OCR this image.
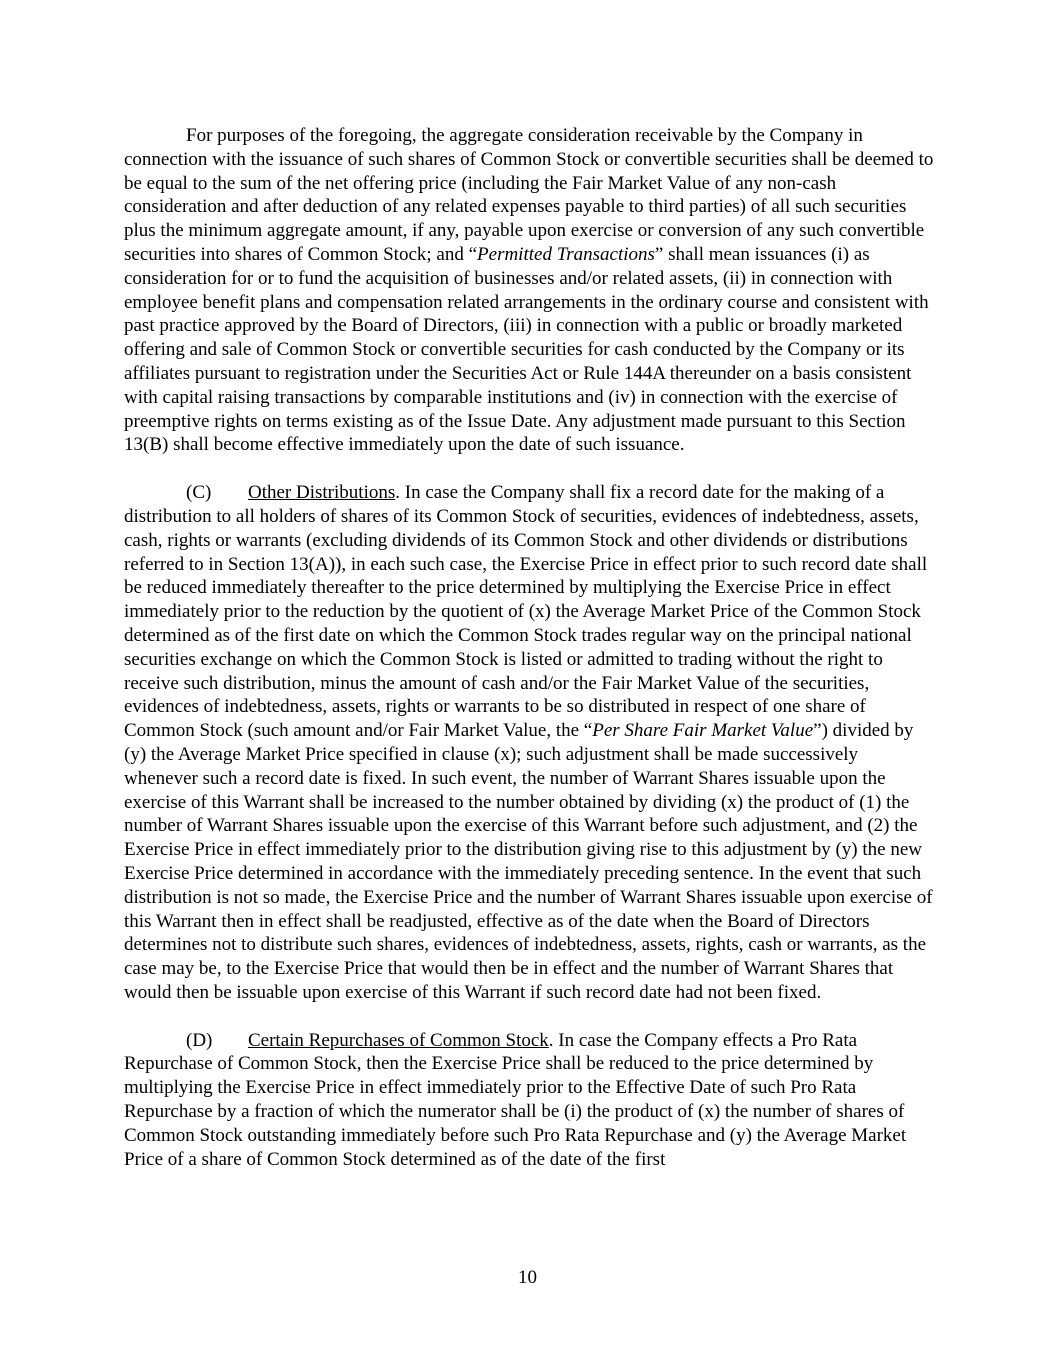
For purposes of the foregoing, the aggregate consideration receivable by the Company in connection with the issuance of such shares of Common Stock or convertible securities shall be deemed to be equal to the sum of the net offering price (including the Fair Market Value of any non-cash consideration and after deduction of any related expenses payable to third parties) of all such securities plus the minimum aggregate amount, if any, payable upon exercise or conversion of any such convertible securities into shares of Common Stock; and “Permitted Transactions” shall mean issuances (i) as consideration for or to fund the acquisition of businesses and/or related assets, (ii) in connection with employee benefit plans and compensation related arrangements in the ordinary course and consistent with past practice approved by the Board of Directors, (iii) in connection with a public or broadly marketed offering and sale of Common Stock or convertible securities for cash conducted by the Company or its affiliates pursuant to registration under the Securities Act or Rule 144A thereunder on a basis consistent with capital raising transactions by comparable institutions and (iv) in connection with the exercise of preemptive rights on terms existing as of the Issue Date. Any adjustment made pursuant to this Section 13(B) shall become effective immediately upon the date of such issuance.

(C) Other Distributions. In case the Company shall fix a record date for the making of a distribution to all holders of shares of its Common Stock of securities, evidences of indebtedness, assets, cash, rights or warrants (excluding dividends of its Common Stock and other dividends or distributions referred to in Section 13(A)), in each such case, the Exercise Price in effect prior to such record date shall be reduced immediately thereafter to the price determined by multiplying the Exercise Price in effect immediately prior to the reduction by the quotient of (x) the Average Market Price of the Common Stock determined as of the first date on which the Common Stock trades regular way on the principal national securities exchange on which the Common Stock is listed or admitted to trading without the right to receive such distribution, minus the amount of cash and/or the Fair Market Value of the securities, evidences of indebtedness, assets, rights or warrants to be so distributed in respect of one share of Common Stock (such amount and/or Fair Market Value, the “Per Share Fair Market Value”) divided by (y) the Average Market Price specified in clause (x); such adjustment shall be made successively whenever such a record date is fixed. In such event, the number of Warrant Shares issuable upon the exercise of this Warrant shall be increased to the number obtained by dividing (x) the product of (1) the number of Warrant Shares issuable upon the exercise of this Warrant before such adjustment, and (2) the Exercise Price in effect immediately prior to the distribution giving rise to this adjustment by (y) the new Exercise Price determined in accordance with the immediately preceding sentence. In the event that such distribution is not so made, the Exercise Price and the number of Warrant Shares issuable upon exercise of this Warrant then in effect shall be readjusted, effective as of the date when the Board of Directors determines not to distribute such shares, evidences of indebtedness, assets, rights, cash or warrants, as the case may be, to the Exercise Price that would then be in effect and the number of Warrant Shares that would then be issuable upon exercise of this Warrant if such record date had not been fixed.

(D) Certain Repurchases of Common Stock. In case the Company effects a Pro Rata Repurchase of Common Stock, then the Exercise Price shall be reduced to the price determined by multiplying the Exercise Price in effect immediately prior to the Effective Date of such Pro Rata Repurchase by a fraction of which the numerator shall be (i) the product of (x) the number of shares of Common Stock outstanding immediately before such Pro Rata Repurchase and (y) the Average Market Price of a share of Common Stock determined as of the date of the first

10
